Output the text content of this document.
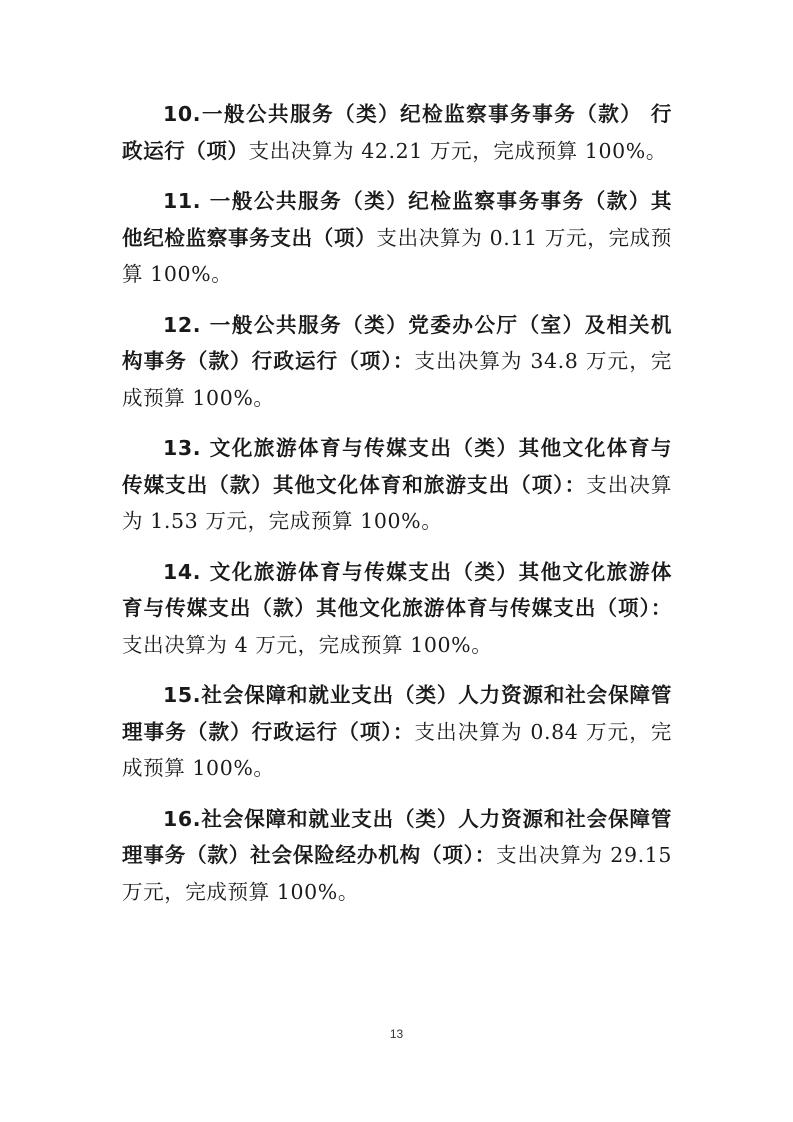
10.一般公共服务（类）纪检监察事务事务（款） 行政运行（项）支出决算为 42.21 万元，完成预算 100%。

11. 一般公共服务（类）纪检监察事务事务（款）其他纪检监察事务支出（项）支出决算为 0.11 万元，完成预算 100%。

12. 一般公共服务（类）党委办公厅（室）及相关机构事务（款）行政运行（项）：支出决算为 34.8 万元，完成预算 100%。

13. 文化旅游体育与传媒支出（类）其他文化体育与传媒支出（款）其他文化体育和旅游支出（项）：支出决算为 1.53 万元，完成预算 100%。

14. 文化旅游体育与传媒支出（类）其他文化旅游体育与传媒支出（款）其他文化旅游体育与传媒支出（项）：支出决算为 4 万元，完成预算 100%。

15.社会保障和就业支出（类）人力资源和社会保障管理事务（款）行政运行（项）：支出决算为 0.84 万元，完成预算 100%。

16.社会保障和就业支出（类）人力资源和社会保障管理事务（款）社会保险经办机构（项）：支出决算为 29.15 万元，完成预算 100%。

13
